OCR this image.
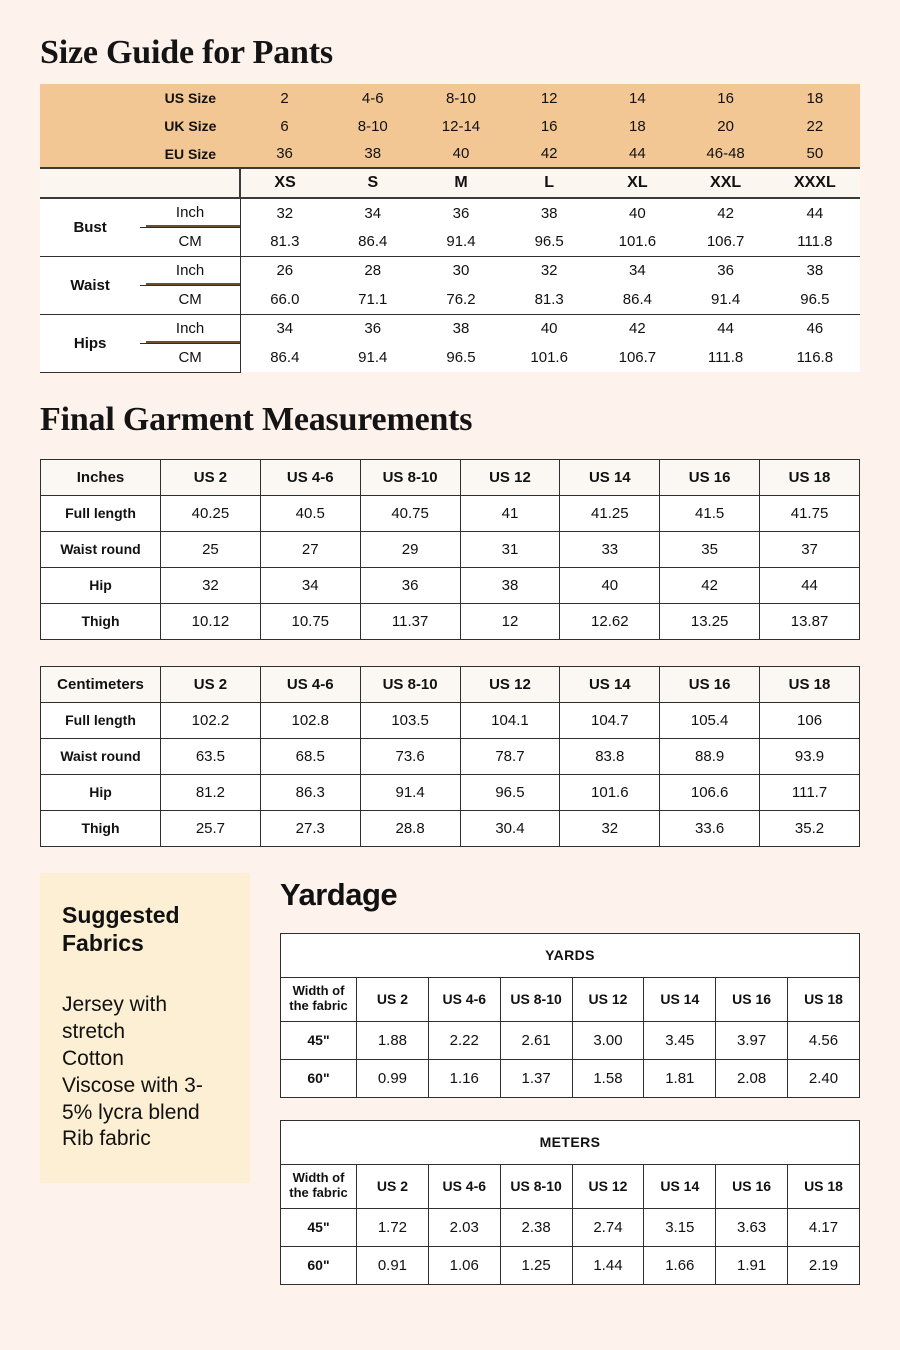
Size Guide for Pants
	US Size	2	4-6	8-10	12	14	16	18
	UK Size	6	8-10	12-14	16	18	20	22
	EU Size	36	38	40	42	44	46-48	50
		XS	S	M	L	XL	XXL	XXXL
Bust	Inch	32	34	36	38	40	42	44
	CM	81.3	86.4	91.4	96.5	101.6	106.7	111.8
Waist	Inch	26	28	30	32	34	36	38
	CM	66.0	71.1	76.2	81.3	86.4	91.4	96.5
Hips	Inch	34	36	38	40	42	44	46
	CM	86.4	91.4	96.5	101.6	106.7	111.8	116.8
Final Garment Measurements
Inches	US 2	US 4-6	US 8-10	US 12	US 14	US 16	US 18
Full length	40.25	40.5	40.75	41	41.25	41.5	41.75
Waist round	25	27	29	31	33	35	37
Hip	32	34	36	38	40	42	44
Thigh	10.12	10.75	11.37	12	12.62	13.25	13.87
Centimeters	US 2	US 4-6	US 8-10	US 12	US 14	US 16	US 18
Full length	102.2	102.8	103.5	104.1	104.7	105.4	106
Waist round	63.5	68.5	73.6	78.7	83.8	88.9	93.9
Hip	81.2	86.3	91.4	96.5	101.6	106.6	111.7
Thigh	25.7	27.3	28.8	30.4	32	33.6	35.2
Suggested
Fabrics
Jersey with stretch
Cotton
Viscose with 3-5% lycra blend
Rib fabric
Yardage
YARDS							
Width of
the fabric	US 2	US 4-6	US 8-10	US 12	US 14	US 16	US 18
45"	1.88	2.22	2.61	3.00	3.45	3.97	4.56
60"	0.99	1.16	1.37	1.58	1.81	2.08	2.40
METERS							
Width of
the fabric	US 2	US 4-6	US 8-10	US 12	US 14	US 16	US 18
45"	1.72	2.03	2.38	2.74	3.15	3.63	4.17
60"	0.91	1.06	1.25	1.44	1.66	1.91	2.19
